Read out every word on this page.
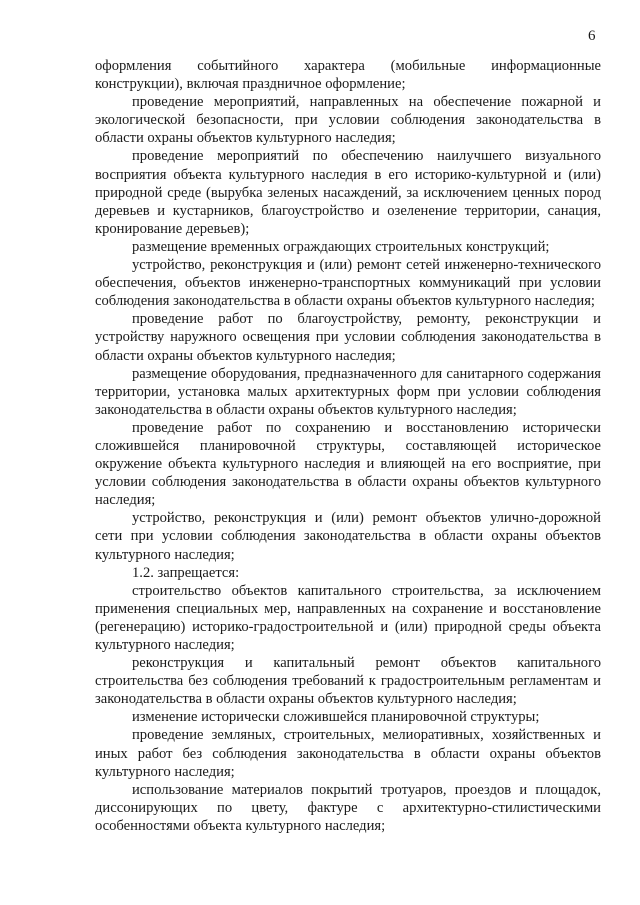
6

оформления событийного характера (мобильные информационные конструкции), включая праздничное оформление;

проведение мероприятий, направленных на обеспечение пожарной и экологической безопасности, при условии соблюдения законодательства в области охраны объектов культурного наследия;

проведение мероприятий по обеспечению наилучшего визуального восприятия объекта культурного наследия в его историко-культурной и (или) природной среде (вырубка зеленых насаждений, за исключением ценных пород деревьев и кустарников, благоустройство и озеленение территории, санация, кронирование деревьев);

размещение временных ограждающих строительных конструкций;

устройство, реконструкция и (или) ремонт сетей инженерно-технического обеспечения, объектов инженерно-транспортных коммуникаций при условии соблюдения законодательства в области охраны объектов культурного наследия;

проведение работ по благоустройству, ремонту, реконструкции и устройству наружного освещения при условии соблюдения законодательства в области охраны объектов культурного наследия;

размещение оборудования, предназначенного для санитарного содержания территории, установка малых архитектурных форм при условии соблюдения законодательства в области охраны объектов культурного наследия;

проведение работ по сохранению и восстановлению исторически сложившейся планировочной структуры, составляющей историческое окружение объекта культурного наследия и влияющей на его восприятие, при условии соблюдения законодательства в области охраны объектов культурного наследия;

устройство, реконструкция и (или) ремонт объектов улично-дорожной сети при условии соблюдения законодательства в области охраны объектов культурного наследия;

1.2. запрещается:

строительство объектов капитального строительства, за исключением применения специальных мер, направленных на сохранение и восстановление (регенерацию) историко-градостроительной и (или) природной среды объекта культурного наследия;

реконструкция и капитальный ремонт объектов капитального строительства без соблюдения требований к градостроительным регламентам и законодательства в области охраны объектов культурного наследия;

изменение исторически сложившейся планировочной структуры;

проведение земляных, строительных, мелиоративных, хозяйственных и иных работ без соблюдения законодательства в области охраны объектов культурного наследия;

использование материалов покрытий тротуаров, проездов и площадок, диссонирующих по цвету, фактуре с архитектурно-стилистическими особенностями объекта культурного наследия;
